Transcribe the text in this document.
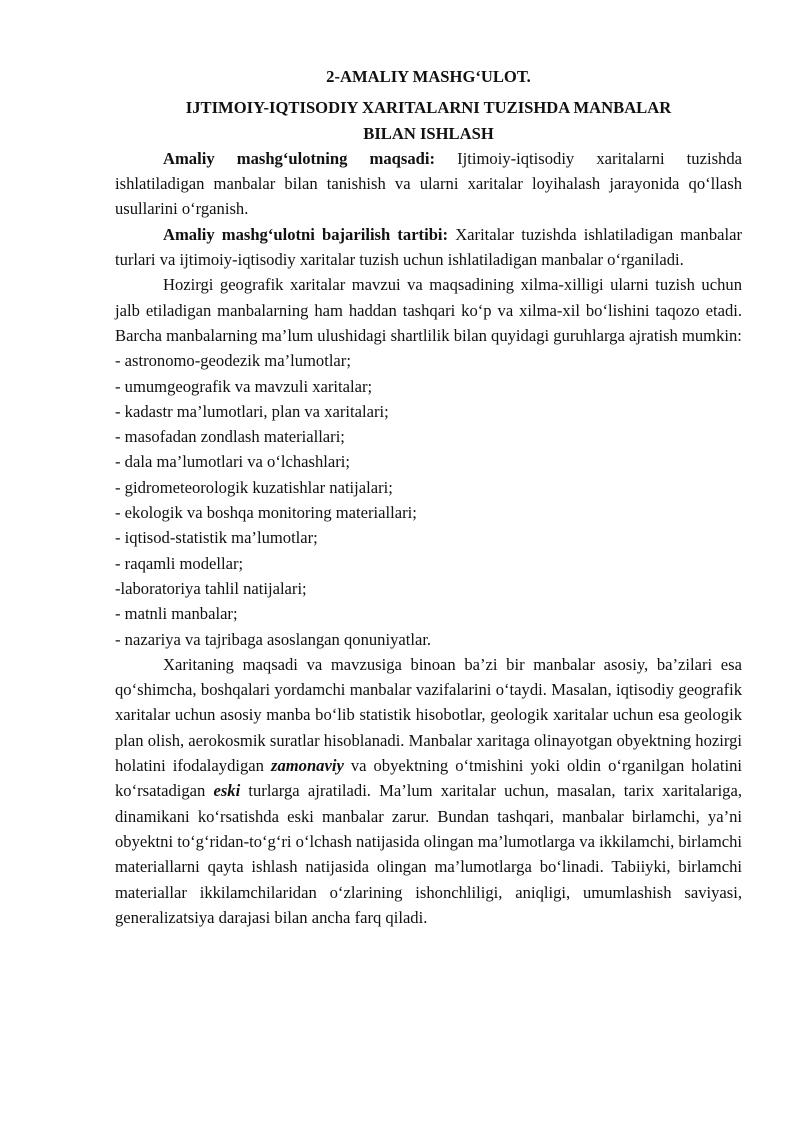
2-AMALIY MASHG‘ULOT.

IJTIMOIY-IQTISODIY XARITALARNI TUZISHDA MANBALAR

BILAN ISHLASH

Amaliy mashg‘ulotning maqsadi: Ijtimoiy-iqtisodiy xaritalarni tuzishda ishlatiladigan manbalar bilan tanishish va ularni xaritalar loyihalash jarayonida qo‘llash usullarini o‘rganish.

Amaliy mashg‘ulotni bajarilish tartibi: Xaritalar tuzishda ishlatiladigan manbalar turlari va ijtimoiy-iqtisodiy xaritalar tuzish uchun ishlatiladigan manbalar o‘rganiladi.

Hozirgi geografik xaritalar mavzui va maqsadining xilma-xilligi ularni tuzish uchun jalb etiladigan manbalarning ham haddan tashqari ko‘p va xilma-xil bo‘lishini taqozo etadi. Barcha manbalarning ma’lum ulushidagi shartlilik bilan quyidagi guruhlarga ajratish mumkin:

- astronomo-geodezik ma’lumotlar;
- umumgeografik va mavzuli xaritalar;
- kadastr ma’lumotlari, plan va xaritalari;
- masofadan zondlash materiallari;
- dala ma’lumotlari va o‘lchashlari;
- gidrometeorologik kuzatishlar natijalari;
- ekologik va boshqa monitoring materiallari;
- iqtisod-statistik ma’lumotlar;
- raqamli modellar;
-laboratoriya tahlil natijalari;
- matnli manbalar;
- nazariya va tajribaga asoslangan qonuniyatlar.

Xaritaning maqsadi va mavzusiga binoan ba’zi bir manbalar asosiy, ba’zilari esa qo‘shimcha, boshqalari yordamchi manbalar vazifalarini o‘taydi. Masalan, iqtisodiy geografik xaritalar uchun asosiy manba bo‘lib statistik hisobotlar, geologik xaritalar uchun esa geologik plan olish, aerokosmik suratlar hisoblanadi. Manbalar xaritaga olinayotgan obyektning hozirgi holatini ifodalaydigan zamonaviy va obyektning o‘tmishini yoki oldin o‘rganilgan holatini ko‘rsatadigan eski turlarga ajratiladi. Ma’lum xaritalar uchun, masalan, tarix xaritalariga, dinamikani ko‘rsatishda eski manbalar zarur. Bundan tashqari, manbalar birlamchi, ya’ni obyektni to‘g‘ridan-to‘g‘ri o‘lchash natijasida olingan ma’lumotlarga va ikkilamchi, birlamchi materiallarni qayta ishlash natijasida olingan ma’lumotlarga bo‘linadi. Tabiiyki, birlamchi materiallar ikkilamchilaridan o‘zlarining ishonchliligi, aniqligi, umumlashish saviyasi, generalizatsiya darajasi bilan ancha farq qiladi.
